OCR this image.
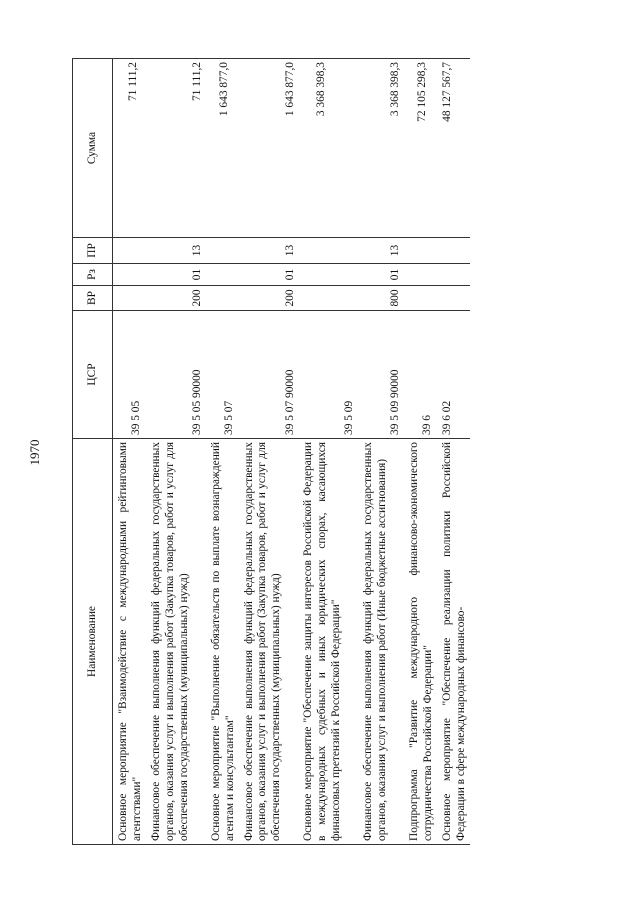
1970
Наименование	ЦСР	ВР	Рз	ПР	Сумма
Основное мероприятие "Взаимодействие с международными рейтинговыми агентствами"	39 5 05				71 111,2

Финансовое обеспечение выполнения функций федеральных государственных органов, оказания услуг и выполнения работ (Закупка товаров, работ и услуг для обеспечения государственных (муниципальных) нужд)	39 5 05 90000	200	01	13	71 111,2

Основное мероприятие "Выполнение обязательств по выплате вознаграждений агентам и консультантам"	39 5 07				1 643 877,0

Финансовое обеспечение выполнения функций федеральных государственных органов, оказания услуг и выполнения работ (Закупка товаров, работ и услуг для обеспечения государственных (муниципальных) нужд)	39 5 07 90000	200	01	13	1 643 877,0

Основное мероприятие "Обеспечение защиты интересов Российской Федерации в международных судебных и иных юридических спорах, касающихся финансовых претензий к Российской Федерации"	39 5 09				3 368 398,3

Финансовое обеспечение выполнения функций федеральных государственных органов, оказания услуг и выполнения работ (Иные бюджетные ассигнования)	39 5 09 90000	800	01	13	3 368 398,3

Подпрограмма "Развитие международного финансово-экономического сотрудничества Российской Федерации"	39 6				72 105 298,3

Основное мероприятие "Обеспечение реализации политики Российской Федерации в сфере международных финансово-	39 6 02				48 127 567,7
